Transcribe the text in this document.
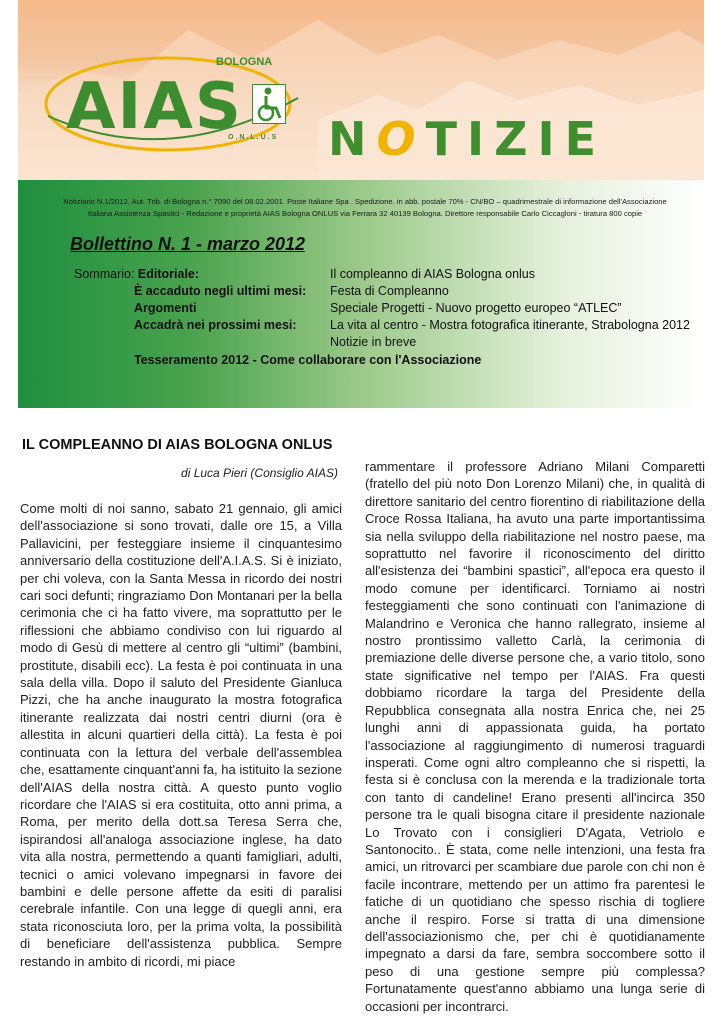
BOLOGNA
AIAS
O.N.L.U.S NOTIZIE
Notiziario N.1/2012, Aut. Trib. di Bologna n.° 7090 del 08.02.2001. Poste Italiane Spa . Spedizione. in abb. postale 70% - CN/BO – quadrimestrale di informazione dell'Associazione
Italiana Assistenza Spastici - Redazione e proprietà AIAS Bologna ONLUS via Ferrara 32 40139 Bologna. Direttore responsabile Carlo Ciccagloni - tiratura 800 copie
Bollettino N. 1 - marzo 2012
Sommario: Editoriale:	Il compleanno di AIAS Bologna onlus
È accaduto negli ultimi mesi: Festa di Compleanno
Argomenti	Speciale Progetti - Nuovo progetto europeo “ATLEC”
Accadrà nei prossimi mesi:	La vita al centro - Mostra fotografica itinerante, Strabologna 2012
Notizie in breve
Tesseramento 2012 - Come collaborare con l'Associazione
IL COMPLEANNO DI AIAS BOLOGNA ONLUS
di Luca Pieri (Consiglio AIAS)

Come molti di noi sanno, sabato 21 gennaio, gli amici dell'associazione si sono trovati, dalle ore 15, a Villa Pallavicini, per festeggiare insieme il cinquantesimo anniversario della costituzione dell'A.I.A.S. Si è iniziato, per chi voleva, con la Santa Messa in ricordo dei nostri cari soci defunti; ringraziamo Don Montanari per la bella cerimonia che ci ha fatto vivere, ma soprattutto per le riflessioni che abbiamo condiviso con lui riguardo al modo di Gesù di mettere al centro gli “ultimi” (bambini, prostitute, disabili ecc). La festa è poi continuata in una sala della villa. Dopo il saluto del Presidente Gianluca Pizzi, che ha anche inaugurato la mostra fotografica itinerante realizzata dai nostri centri diurni (ora è allestita in alcuni quartieri della città). La festa è poi continuata con la lettura del verbale dell'assemblea che, esattamente cinquant'anni fa, ha istituito la sezione dell'AIAS della nostra città. A questo punto voglio ricordare che l'AIAS si era costituita, otto anni prima, a Roma, per merito della dott.sa Teresa Serra che, ispirandosi all'analoga associazione inglese, ha dato vita alla nostra, permettendo a quanti famigliari, adulti, tecnici o amici volevano impegnarsi in favore dei bambini e delle persone affette da esiti di paralisi cerebrale infantile. Con una legge di quegli anni, era stata riconosciuta loro, per la prima volta, la possibilità di beneficiare dell'assistenza pubblica. Sempre restando in ambito di ricordi, mi piace

rammentare il professore Adriano Milani Comparetti (fratello del più noto Don Lorenzo Milani) che, in qualità di direttore sanitario del centro fiorentino di riabilitazione della Croce Rossa Italiana, ha avuto una parte importantissima sia nella sviluppo della riabilitazione nel nostro paese, ma soprattutto nel favorire il riconoscimento del diritto all'esistenza dei “bambini spastici”, all'epoca era questo il modo comune per identificarci. Torniamo ai nostri festeggiamenti che sono continuati con l'animazione di Malandrino e Veronica che hanno rallegrato, insieme al nostro prontissimo valletto Carlà, la cerimonia di premiazione delle diverse persone che, a vario titolo, sono state significative nel tempo per l'AIAS. Fra questi dobbiamo ricordare la targa del Presidente della Repubblica consegnata alla nostra Enrica che, nei 25 lunghi anni di appassionata guida, ha portato l'associazione al raggiungimento di numerosi traguardi insperati. Come ogni altro compleanno che si rispetti, la festa si è conclusa con la merenda e la tradizionale torta con tanto di candeline! Erano presenti all'incirca 350 persone tra le quali bisogna citare il presidente nazionale Lo Trovato con i consiglieri D'Agata, Vetriolo e Santonocito.. È stata, come nelle intenzioni, una festa fra amici, un ritrovarci per scambiare due parole con chi non è facile incontrare, mettendo per un attimo fra parentesi le fatiche di un quotidiano che spesso rischia di togliere anche il respiro. Forse si tratta di una dimensione dell'associazionismo che, per chi è quotidianamente impegnato a darsi da fare, sembra soccombere sotto il peso di una gestione sempre più complessa? Fortunatamente quest'anno abbiamo una lunga serie di occasioni per incontrarci.
